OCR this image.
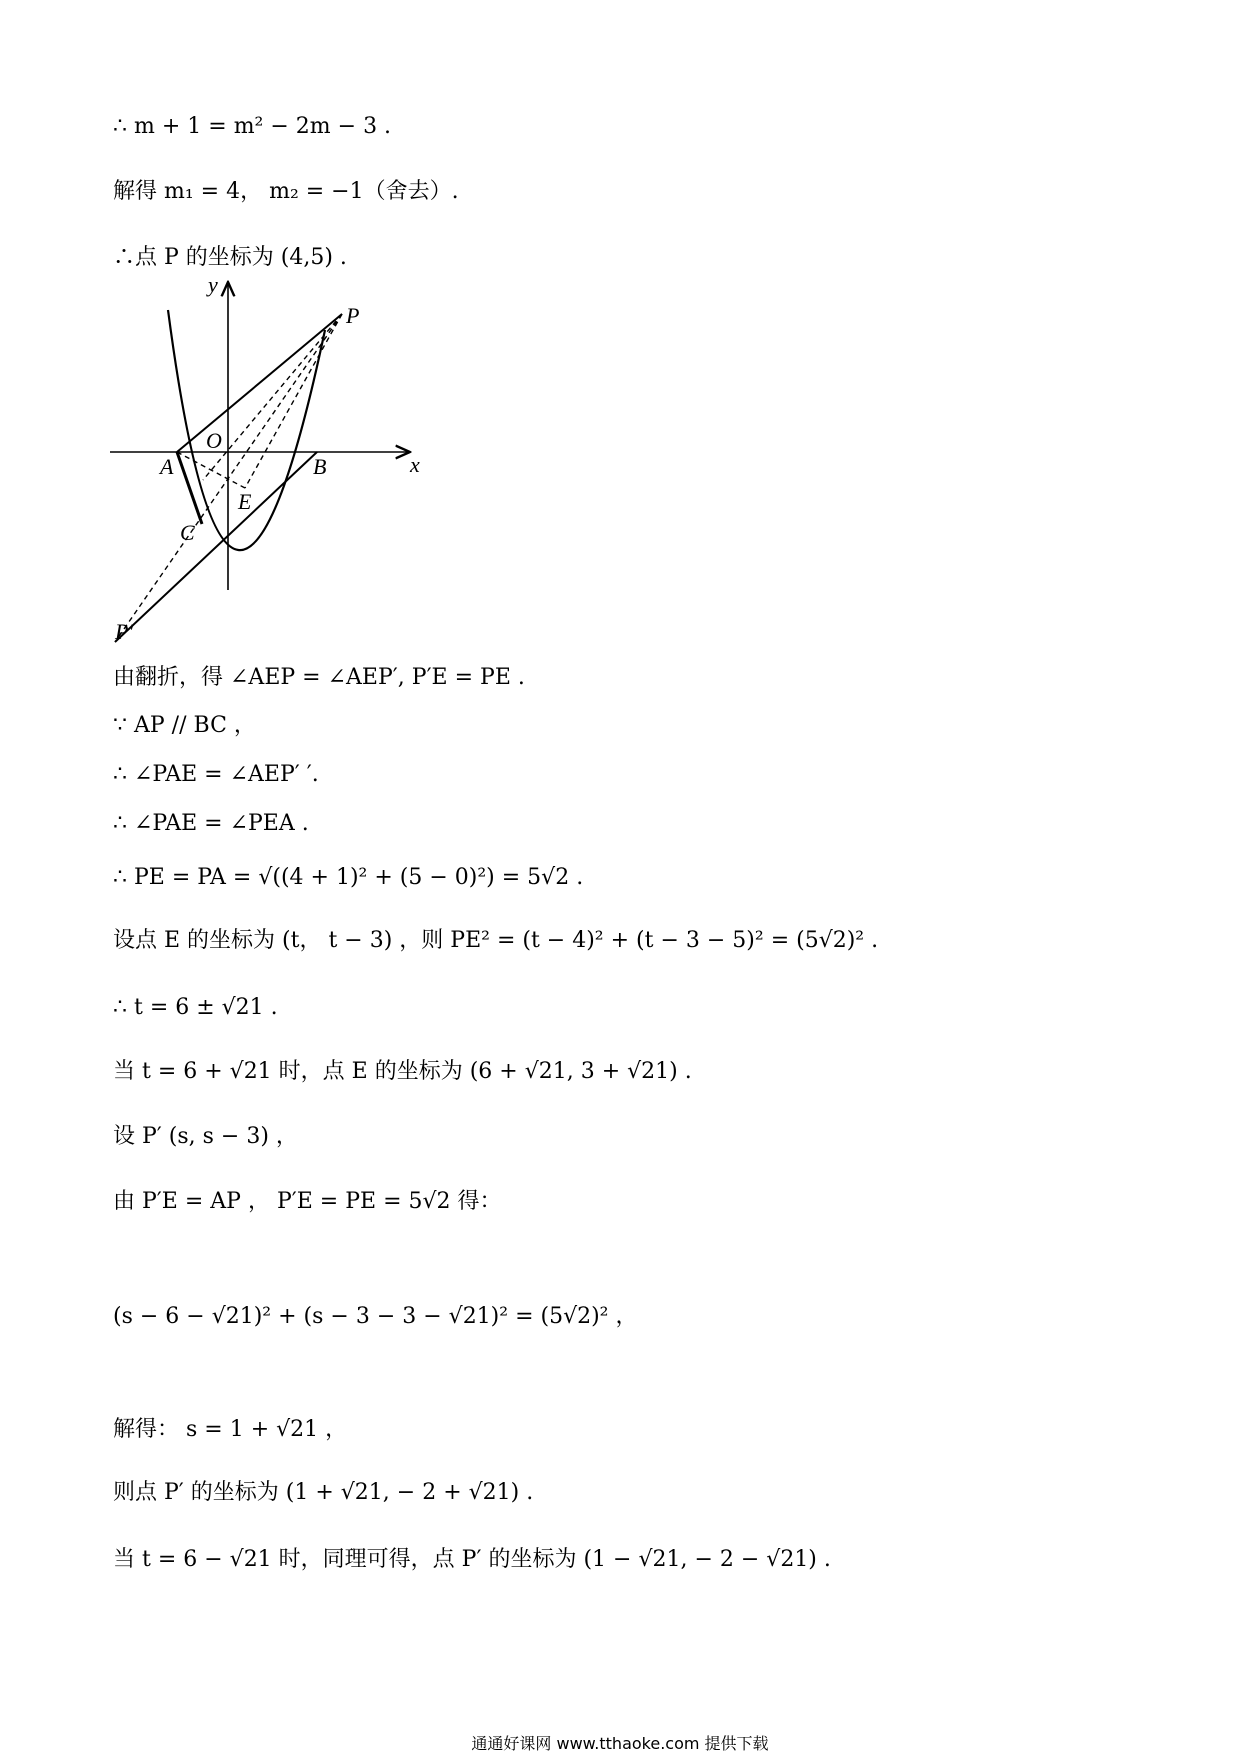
∴ m + 1 = m² − 2m − 3 .
解得 m₁ = 4， m₂ = −1（舍去）.
∴点 P 的坐标为 (4,5) .
y
x
O
A	B
C
E
P
P′
由翻折，得 ∠AEP = ∠AEP′, P′E = PE .
∵ AP // BC ，
∴ ∠PAE = ∠AEP′ ′.
∴ ∠PAE = ∠PEA .
∴ PE = PA = √((4 + 1)² + (5 − 0)²) = 5√2 .
设点 E 的坐标为 (t， t − 3) ，则 PE² = (t − 4)² + (t − 3 − 5)² = (5√2)² .
∴ t = 6 ± √21 .
当 t = 6 + √21 时，点 E 的坐标为 (6 + √21, 3 + √21) .
设 P′ (s, s − 3) ，
由 P′E = AP ， P′E = PE = 5√2 得：
(s − 6 − √21)² + (s − 3 − 3 − √21)² = (5√2)² ，
解得： s = 1 + √21 ，
则点 P′ 的坐标为 (1 + √21, − 2 + √21) .
当 t = 6 − √21 时，同理可得，点 P′ 的坐标为 (1 − √21, − 2 − √21) .
通通好课网 www.tthaoke.com 提供下载
